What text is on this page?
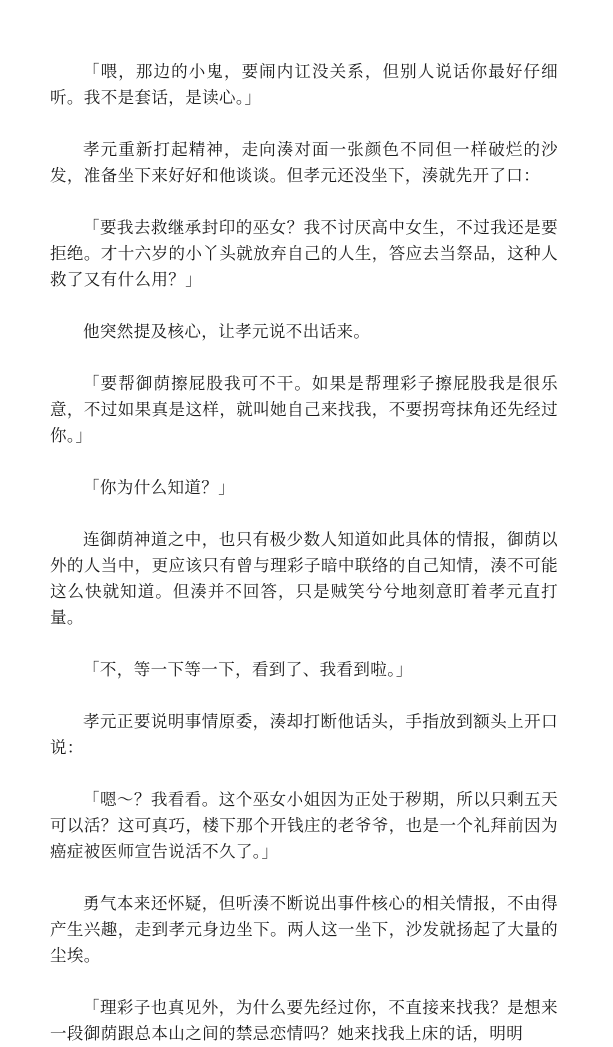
「喂，那边的小鬼，要闹内讧没关系，但别人说话你最好仔细听。我不是套话，是读心。」

孝元重新打起精神，走向湊对面一张颜色不同但一样破烂的沙发，准备坐下来好好和他谈谈。但孝元还没坐下，湊就先开了口：

「要我去救继承封印的巫女？我不讨厌高中女生，不过我还是要拒绝。才十六岁的小丫头就放弃自己的人生，答应去当祭品，这种人救了又有什么用？」

他突然提及核心，让孝元说不出话来。

「要帮御荫擦屁股我可不干。如果是帮理彩子擦屁股我是很乐意，不过如果真是这样，就叫她自己来找我，不要拐弯抹角还先经过你。」

「你为什么知道？」

连御荫神道之中，也只有极少数人知道如此具体的情报，御荫以外的人当中，更应该只有曾与理彩子暗中联络的自己知情，湊不可能这么快就知道。但湊并不回答，只是贼笑兮兮地刻意盯着孝元直打量。

「不，等一下等一下，看到了、我看到啦。」

孝元正要说明事情原委，湊却打断他话头，手指放到额头上开口说：

「嗯～？我看看。这个巫女小姐因为正处于秽期，所以只剩五天可以活？这可真巧，楼下那个开钱庄的老爷爷，也是一个礼拜前因为癌症被医师宣告说活不久了。」

勇气本来还怀疑，但听湊不断说出事件核心的相关情报，不由得产生兴趣，走到孝元身边坐下。两人这一坐下，沙发就扬起了大量的尘埃。

「理彩子也真见外，为什么要先经过你，不直接来找我？是想来一段御荫跟总本山之间的禁忌恋情吗？她来找我上床的话，明明
